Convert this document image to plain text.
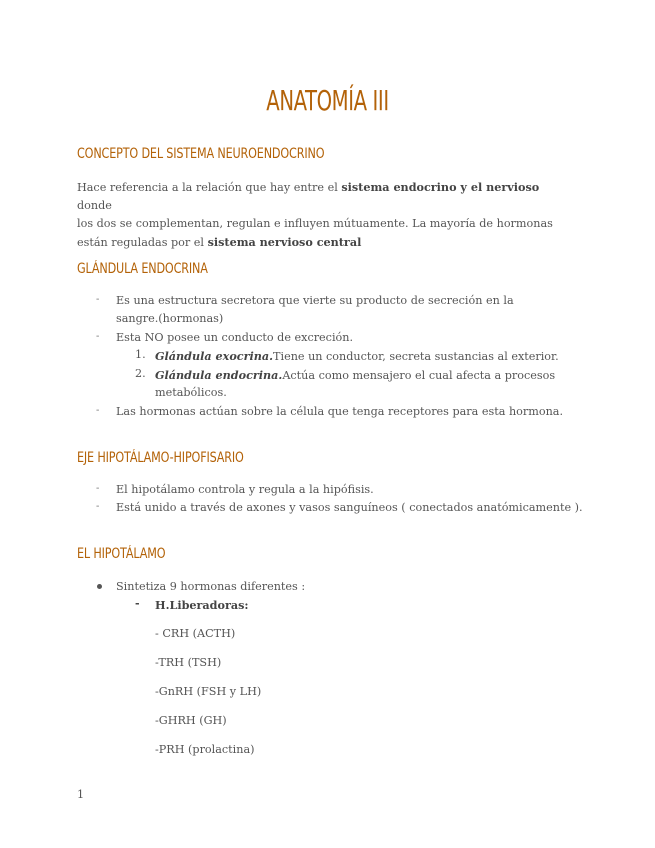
ANATOMÍA III
CONCEPTO DEL SISTEMA NEUROENDOCRINO
Hace referencia a la relación que hay entre el sistema endocrino y el nervioso donde
los dos se complementan, regulan e influyen mútuamente. La mayoría de hormonas
están reguladas por el sistema nervioso central
GLÁNDULA ENDOCRINA
- Es una estructura secretora que vierte su producto de secreción en la
sangre.(hormonas)
- Esta NO posee un conducto de excreción.
1. Glándula exocrina.Tiene un conductor, secreta sustancias al exterior.
2. Glándula endocrina.Actúa como mensajero el cual afecta a procesos
metabólicos.
- Las hormonas actúan sobre la célula que tenga receptores para esta hormona.
EJE HIPOTÁLAMO-HIPOFISARIO
- El hipotálamo controla y regula a la hipófisis.
- Está unido a través de axones y vasos sanguíneos ( conectados anatómicamente ).
EL HIPOTÁLAMO
Sintetiza 9 hormonas diferentes :
- H.Liberadoras:
- CRH (ACTH)
-TRH (TSH)
-GnRH (FSH y LH)
-GHRH (GH)
-PRH (prolactina)
1
